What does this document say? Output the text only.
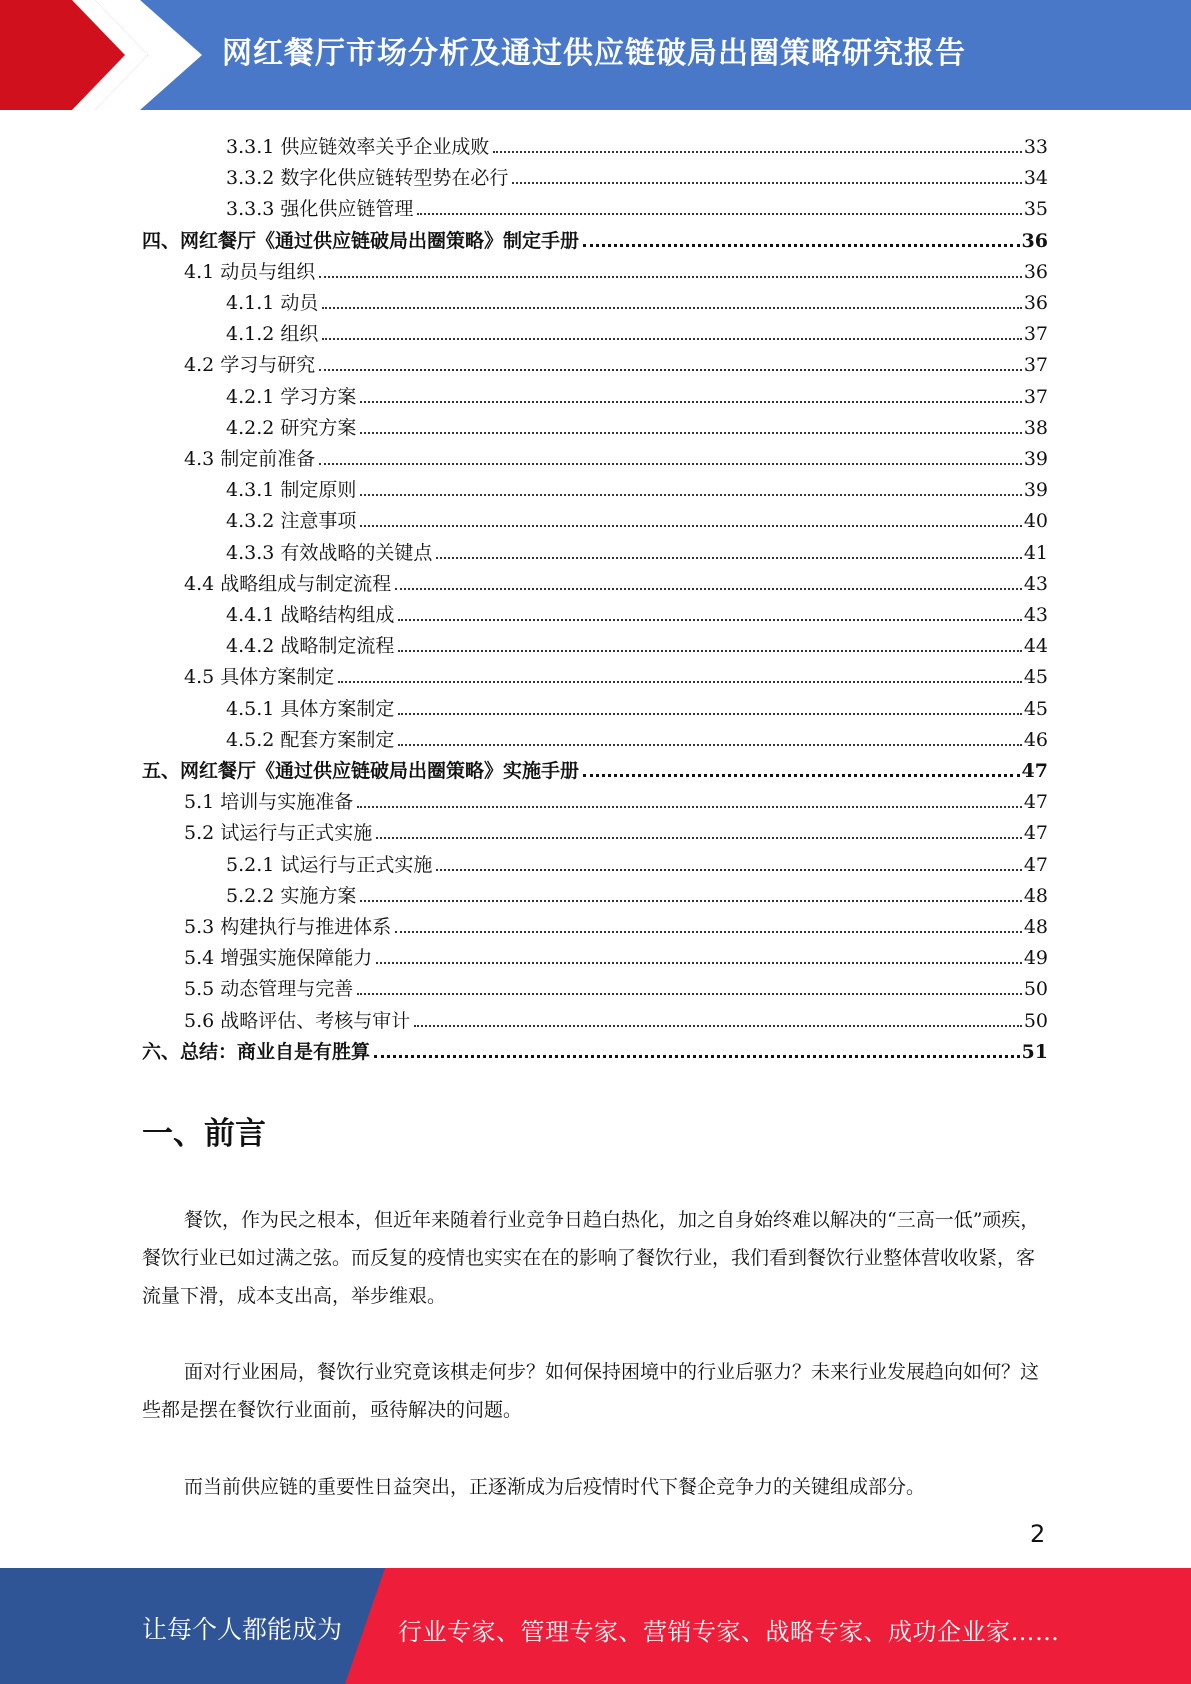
网红餐厅市场分析及通过供应链破局出圈策略研究报告
3.3.1 供应链效率关乎企业成败	33
3.3.2 数字化供应链转型势在必行	34
3.3.3 强化供应链管理	35
四、网红餐厅《通过供应链破局出圈策略》制定手册	36
4.1 动员与组织	36
4.1.1 动员	36
4.1.2 组织	37
4.2 学习与研究	37
4.2.1 学习方案	37
4.2.2 研究方案	38
4.3 制定前准备	39
4.3.1 制定原则	39
4.3.2 注意事项	40
4.3.3 有效战略的关键点	41
4.4 战略组成与制定流程	43
4.4.1 战略结构组成	43
4.4.2 战略制定流程	44
4.5 具体方案制定	45
4.5.1 具体方案制定	45
4.5.2 配套方案制定	46
五、网红餐厅《通过供应链破局出圈策略》实施手册	47
5.1 培训与实施准备	47
5.2 试运行与正式实施	47
5.2.1 试运行与正式实施	47
5.2.2 实施方案	48
5.3 构建执行与推进体系	48
5.4 增强实施保障能力	49
5.5 动态管理与完善	50
5.6 战略评估、考核与审计	50
六、总结：商业自是有胜算	51
一、前言

餐饮，作为民之根本，但近年来随着行业竞争日趋白热化，加之自身始终难以解决的“三高一低”顽疾，餐饮行业已如过满之弦。而反复的疫情也实实在在的影响了餐饮行业，我们看到餐饮行业整体营收收紧，客流量下滑，成本支出高，举步维艰。

面对行业困局，餐饮行业究竟该棋走何步？如何保持困境中的行业后驱力？未来行业发展趋向如何？这些都是摆在餐饮行业面前，亟待解决的问题。

而当前供应链的重要性日益突出，正逐渐成为后疫情时代下餐企竞争力的关键组成部分。

2
让每个人都能成为 行业专家、管理专家、营销专家、战略专家、成功企业家……
